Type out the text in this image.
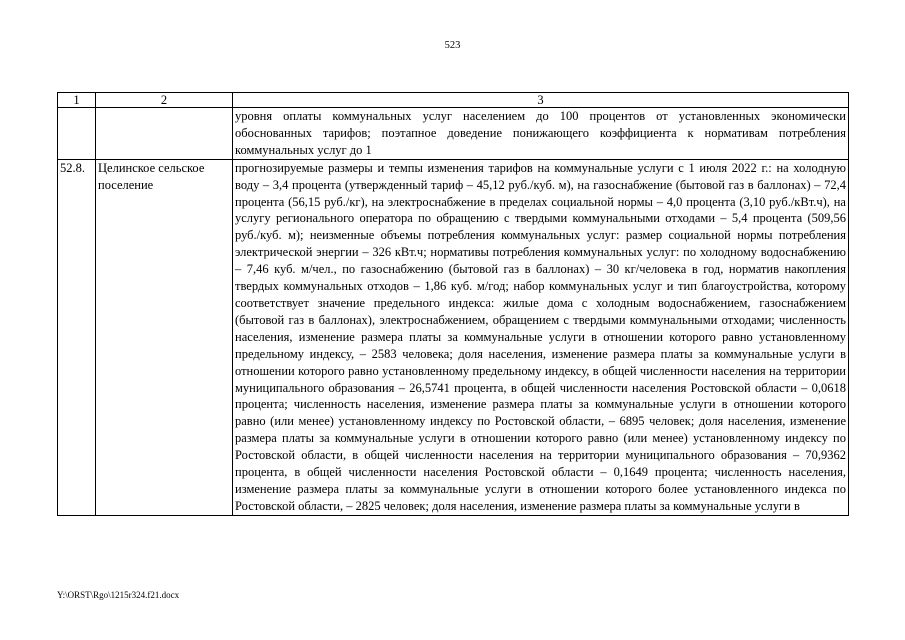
523
1	2	3
		уровня оплаты коммунальных услуг населением до 100 процентов от установленных экономически обоснованных тарифов; поэтапное доведение понижающего коэффициента к нормативам потребления коммунальных услуг до 1
52.8.	Целинское сельское поселение	прогнозируемые размеры и темпы изменения тарифов на коммунальные услуги с 1 июля 2022 г.: на холодную воду – 3,4 процента (утвержденный тариф – 45,12 руб./куб. м), на газоснабжение (бытовой газ в баллонах) – 72,4 процента (56,15 руб./кг), на электроснабжение в пределах социальной нормы – 4,0 процента (3,10 руб./кВт.ч), на услугу регионального оператора по обращению с твердыми коммунальными отходами – 5,4 процента (509,56 руб./куб. м); неизменные объемы потребления коммунальных услуг: размер социальной нормы потребления электрической энергии – 326 кВт.ч; нормативы потребления коммунальных услуг: по холодному водоснабжению – 7,46 куб. м/чел., по газоснабжению (бытовой газ в баллонах) – 30 кг/человека в год, норматив накопления твердых коммунальных отходов – 1,86 куб. м/год; набор коммунальных услуг и тип благоустройства, которому соответствует значение предельного индекса: жилые дома с холодным водоснабжением, газоснабжением (бытовой газ в баллонах), электроснабжением, обращением с твердыми коммунальными отходами; численность населения, изменение размера платы за коммунальные услуги в отношении которого равно установленному предельному индексу, – 2583 человека; доля населения, изменение размера платы за коммунальные услуги в отношении которого равно установленному предельному индексу, в общей численности населения на территории муниципального образования – 26,5741 процента, в общей численности населения Ростовской области – 0,0618 процента; численность населения, изменение размера платы за коммунальные услуги в отношении которого равно (или менее) установленному индексу по Ростовской области, – 6895 человек; доля населения, изменение размера платы за коммунальные услуги в отношении которого равно (или менее) установленному индексу по Ростовской области, в общей численности населения на территории муниципального образования – 70,9362 процента, в общей численности населения Ростовской области – 0,1649 процента; численность населения, изменение размера платы за коммунальные услуги в отношении которого более установленного индекса по Ростовской области, – 2825 человек; доля населения, изменение размера платы за коммунальные услуги в
Y:\ORST\Rgo\1215r324.f21.docx
